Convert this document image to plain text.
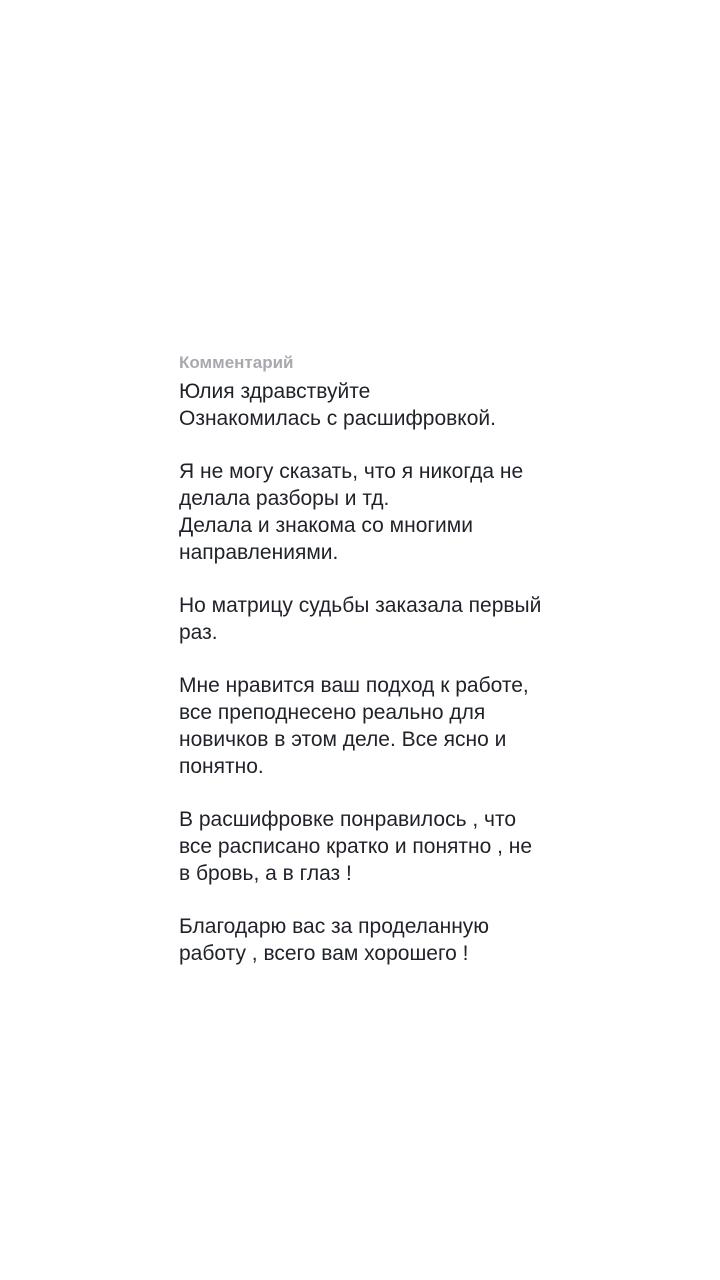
Комментарий

Юлия здравствуйте
Ознакомилась с расшифровкой.

Я не могу сказать, что я никогда не
делала разборы и тд.
Делала и знакома со многими
направлениями.

Но матрицу судьбы заказала первый
раз.

Мне нравится ваш подход к работе,
все преподнесено реально для
новичков в этом деле. Все ясно и
понятно.

В расшифровке понравилось , что
все расписано кратко и понятно , не
в бровь, а в глаз !

Благодарю вас за проделанную
работу , всего вам хорошего !
